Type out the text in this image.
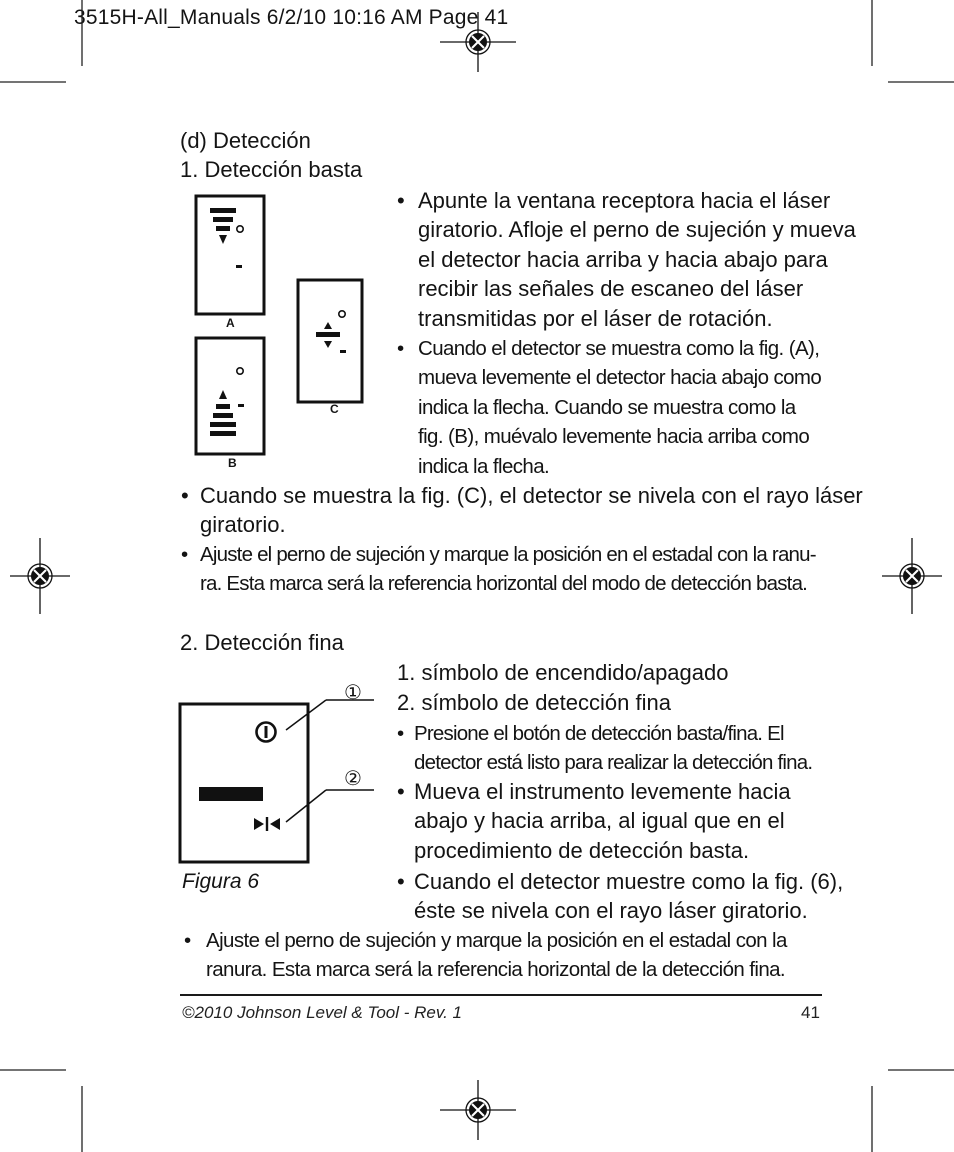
3515H-All_Manuals 6/2/10 10:16 AM Page 41
(d) Detección
1. Detección basta
A
B
C
• Apunte la ventana receptora hacia el láser
giratorio. Afloje el perno de sujeción y mueva
el detector hacia arriba y hacia abajo para
recibir las señales de escaneo del láser
transmitidas por el láser de rotación.
• Cuando el detector se muestra como la fig. (A),
mueva levemente el detector hacia abajo como
indica la flecha. Cuando se muestra como la
fig. (B), muévalo levemente hacia arriba como
indica la flecha.
• Cuando se muestra la fig. (C), el detector se nivela con el rayo láser
giratorio.
• Ajuste el perno de sujeción y marque la posición en el estadal con la ranu-
ra. Esta marca será la referencia horizontal del modo de detección basta.
2. Detección fina
1. símbolo de encendido/apagado
2. símbolo de detección fina
①
②
Figura 6
• Presione el botón de detección basta/fina. El
detector está listo para realizar la detección fina.
• Mueva el instrumento levemente hacia
abajo y hacia arriba, al igual que en el
procedimiento de detección basta.
• Cuando el detector muestre como la fig. (6),
éste se nivela con el rayo láser giratorio.
• Ajuste el perno de sujeción y marque la posición en el estadal con la
ranura. Esta marca será la referencia horizontal de la detección fina.
©2010 Johnson Level & Tool - Rev. 1	41
